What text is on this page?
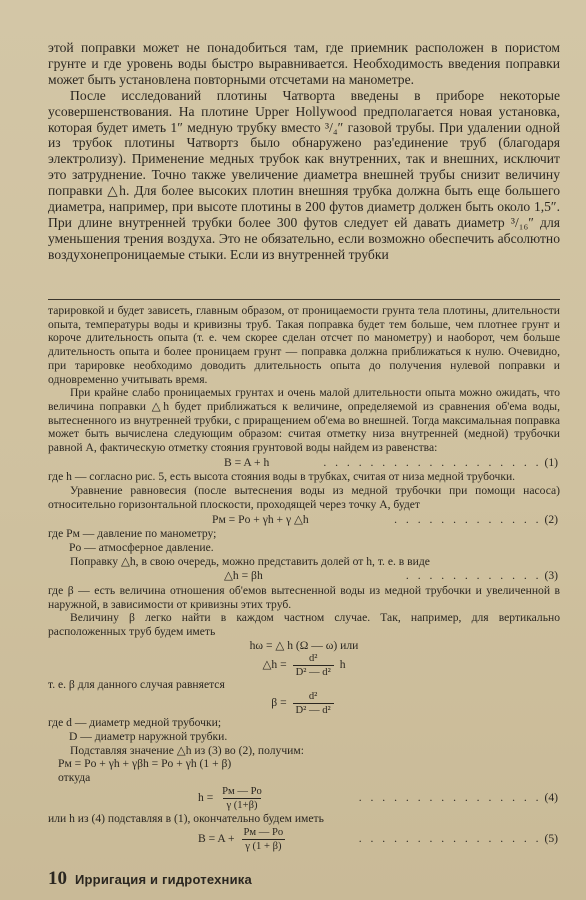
этой поправки может не понадобиться там, где приемник расположен в пористом грунте и где уровень воды быстро выравнивается. Необходимость введения поправки может быть установлена повторными отсчетами на манометре.

После исследований плотины Чатворта введены в приборе некоторые усовершенствования. На плотине Upper Hollywood предполагается новая установка, которая будет иметь 1″ медную трубку вместо ³/₄″ газовой трубы. При удалении одной из трубок плотины Чатвортз было обнаружено раз'единение труб (благодаря электролизу). Применение медных трубок как внутренних, так и внешних, исключит это затруднение. Точно также увеличение диаметра внешней трубы снизит величину поправки △h. Для более высоких плотин внешняя трубка должна быть еще большего диаметра, например, при высоте плотины в 200 футов диаметр должен быть около 1,5″. При длине внутренней трубки более 300 футов следует ей давать диаметр ³/₁₆″ для уменьшения трения воздуха. Это не обязательно, если возможно обеспечить абсолютно воздухонепроницаемые стыки. Если из внутренней трубки

тарировкой и будет зависеть, главным образом, от проницаемости грунта тела плотины, длительности опыта, температуры воды и кривизны труб. Такая поправка будет тем больше, чем плотнее грунт и короче длительность опыта (т. е. чем скорее сделан отсчет по манометру) и наоборот, чем больше длительность опыта и более проницаем грунт — поправка должна приближаться к нулю. Очевидно, при тарировке необходимо доводить длительность опыта до получения нулевой поправки и одновременно учитывать время.

При крайне слабо проницаемых грунтах и очень малой длительности опыта можно ожидать, что величина поправки △h будет приближаться к величине, определяемой из сравнения об'ема воды, вытесненного из внутренней трубки, с приращением об'ема во внешней. Тогда максимальная поправка может быть вычислена следующим образом: считая отметку низа внутренней (медной) трубочки равной A, фактическую отметку стояния грунтовой воды найдем из равенства:

B = A + h	. . . . . . . . . . . . . . . . . . . (1)

где h — согласно рис. 5, есть высота стояния воды в трубках, считая от низа медной трубочки.

Уравнение равновесия (после вытеснения воды из медной трубочки при помощи насоса) относительно горизонтальной плоскости, проходящей через точку A, будет

Pм = Po + γh + γ △h	. . . . . . . . . . . . . (2)

где Pм — давление по манометру;

Po — атмосферное давление.

Поправку △h, в свою очередь, можно представить долей от h, т. е. в виде

△h = βh	. . . . . . . . . . . . (3)

где β — есть величина отношения об'емов вытесненной воды из медной трубочки и увеличенной в наружной, в зависимости от кривизны этих труб.

Величину β легко найти в каждом частном случае. Так, например, для вертикально расположенных труб будем иметь

hω = △ h (Ω — ω) или
△h = $\frac{\text{d²}}{\text{D² — d²}}$ h

т. е. β для данного случая равняется

$\beta = \frac{\text{d²}}{\text{D² — d²}}$

где d — диаметр медной трубочки;

D — диаметр наружной трубки.

Подставляя значение △h из (3) во (2), получим:

Pм = Po + γh + γβh = Po + γh (1 + β)

откуда

$h = \frac{Pм — Po}{\gamma (1+\beta)}$	. . . . . . . . . . . . . . . . (4)

или h из (4) подставляя в (1), окончательно будем иметь

$B = A + \frac{Pм — Po}{\gamma (1 + \beta)}$	. . . . . . . . . . . . . . . . (5)
10 Ирригация и гидротехника
